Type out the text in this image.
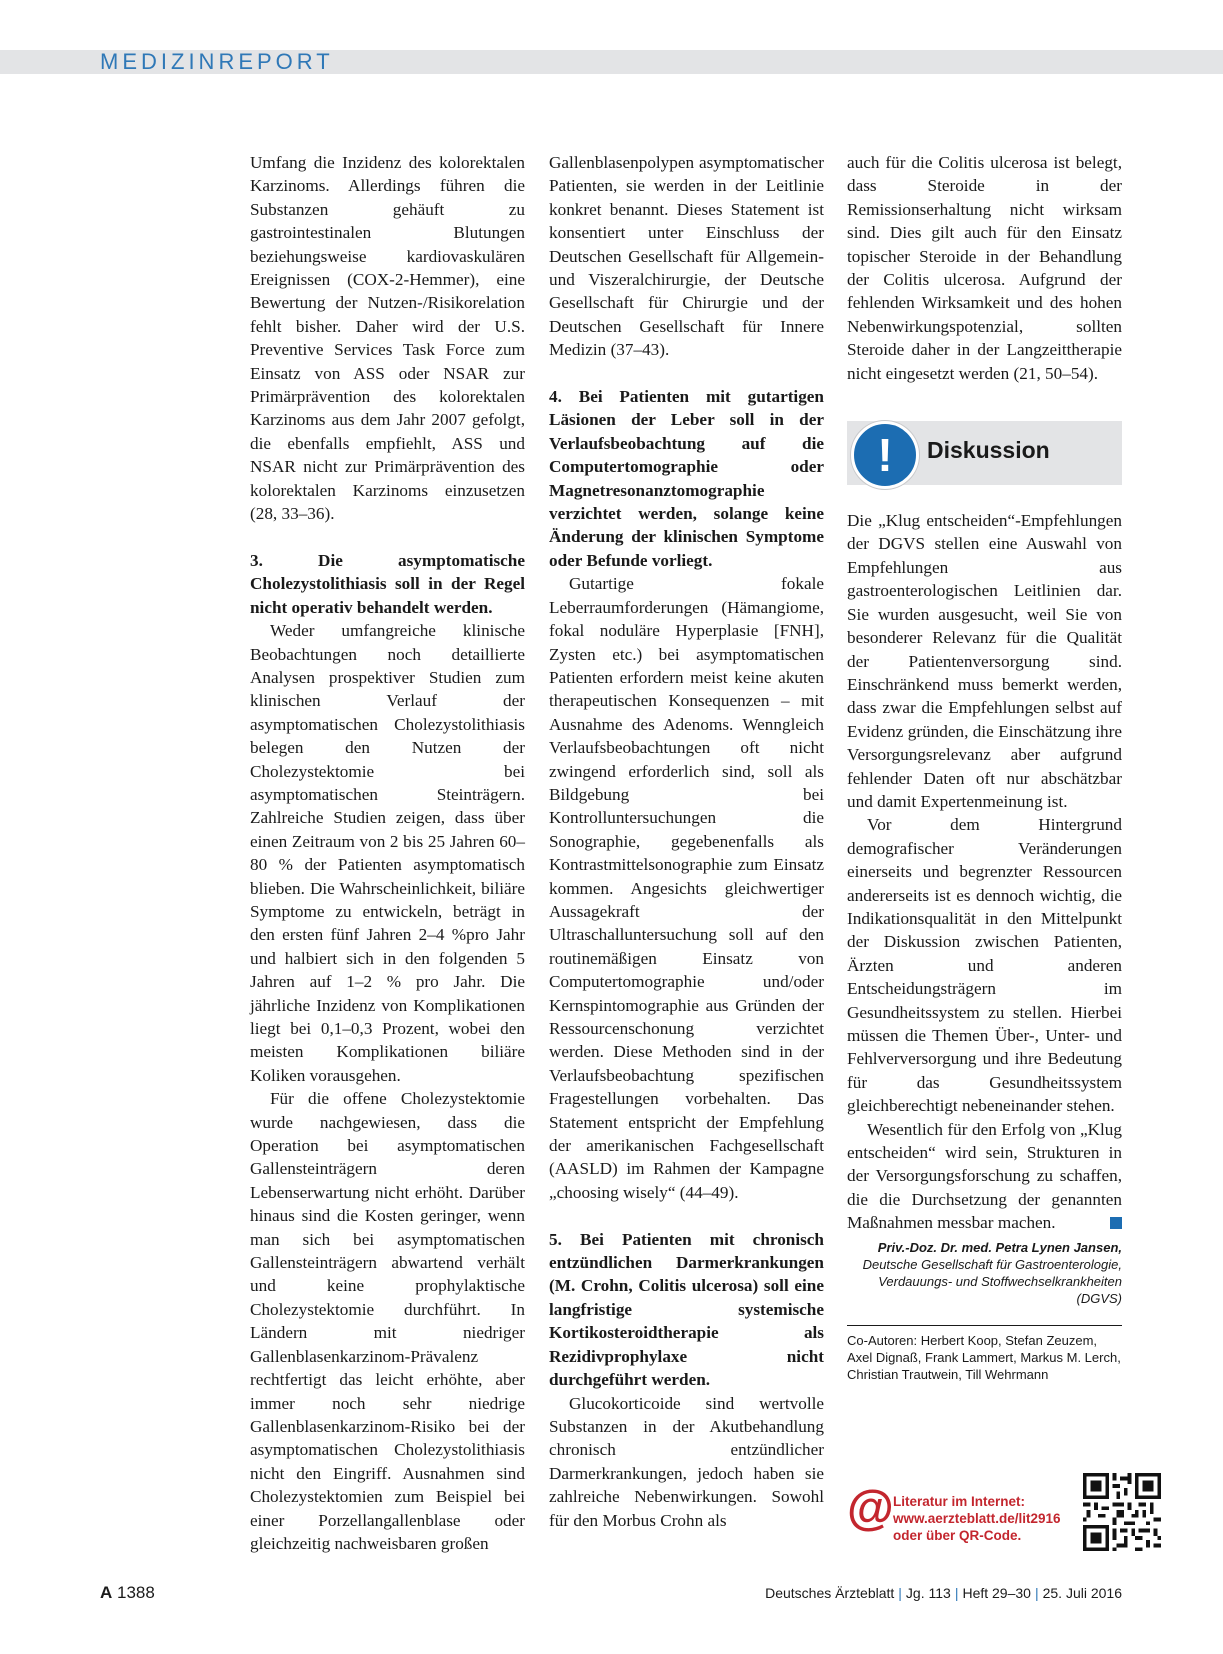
MEDIZINREPORT

Umfang die Inzidenz des kolorektalen Karzinoms. Allerdings führen die Substanzen gehäuft zu gastrointestinalen Blutungen beziehungsweise kardiovaskulären Ereignissen (COX-2-Hemmer), eine Bewertung der Nutzen-/Risikorelation fehlt bisher. Daher wird der U.S. Preventive Services Task Force zum Einsatz von ASS oder NSAR zur Primärprävention des kolorektalen Karzinoms aus dem Jahr 2007 gefolgt, die ebenfalls empfiehlt, ASS und NSAR nicht zur Primärprävention des kolorektalen Karzinoms einzusetzen (28, 33–36).

3. Die asymptomatische Cholezystolithiasis soll in der Regel nicht operativ behandelt werden.

Weder umfangreiche klinische Beobachtungen noch detaillierte Analysen prospektiver Studien zum klinischen Verlauf der asymptomatischen Cholezystolithiasis belegen den Nutzen der Cholezystektomie bei asymptomatischen Steinträgern. Zahlreiche Studien zeigen, dass über einen Zeitraum von 2 bis 25 Jahren 60–80 % der Patienten asymptomatisch blieben. Die Wahrscheinlichkeit, biliäre Symptome zu entwickeln, beträgt in den ersten fünf Jahren 2–4 %pro Jahr und halbiert sich in den folgenden 5 Jahren auf 1–2 % pro Jahr. Die jährliche Inzidenz von Komplikationen liegt bei 0,1–0,3 Prozent, wobei den meisten Komplikationen biliäre Koliken vorausgehen.

Für die offene Cholezystektomie wurde nachgewiesen, dass die Operation bei asymptomatischen Gallensteinträgern deren Lebenserwartung nicht erhöht. Darüber hinaus sind die Kosten geringer, wenn man sich bei asymptomatischen Gallensteinträgern abwartend verhält und keine prophylaktische Cholezystektomie durchführt. In Ländern mit niedriger Gallenblasenkarzinom-Prävalenz rechtfertigt das leicht erhöhte, aber immer noch sehr niedrige Gallenblasenkarzinom-Risiko bei der asymptomatischen Cholezystolithiasis nicht den Eingriff. Ausnahmen sind Cholezystektomien zum Beispiel bei einer Porzellangallenblase oder gleichzeitig nachweisbaren großen

Gallenblasenpolypen asymptomatischer Patienten, sie werden in der Leitlinie konkret benannt. Dieses Statement ist konsentiert unter Einschluss der Deutschen Gesellschaft für Allgemein- und Viszeralchirurgie, der Deutsche Gesellschaft für Chirurgie und der Deutschen Gesellschaft für Innere Medizin (37–43).

4. Bei Patienten mit gutartigen Läsionen der Leber soll in der Verlaufsbeobachtung auf die Computertomographie oder Magnetresonanztomographie verzichtet werden, solange keine Änderung der klinischen Symptome oder Befunde vorliegt.

Gutartige fokale Leberraumforderungen (Hämangiome, fokal noduläre Hyperplasie [FNH], Zysten etc.) bei asymptomatischen Patienten erfordern meist keine akuten therapeutischen Konsequenzen – mit Ausnahme des Adenoms. Wenngleich Verlaufsbeobachtungen oft nicht zwingend erforderlich sind, soll als Bildgebung bei Kontrolluntersuchungen die Sonographie, gegebenenfalls als Kontrastmittelsonographie zum Einsatz kommen. Angesichts gleichwertiger Aussagekraft der Ultraschalluntersuchung soll auf den routinemäßigen Einsatz von Computertomographie und/oder Kernspintomographie aus Gründen der Ressourcenschonung verzichtet werden. Diese Methoden sind in der Verlaufsbeobachtung spezifischen Fragestellungen vorbehalten. Das Statement entspricht der Empfehlung der amerikanischen Fachgesellschaft (AASLD) im Rahmen der Kampagne „choosing wisely“ (44–49).

5. Bei Patienten mit chronisch entzündlichen Darmerkrankungen (M. Crohn, Colitis ulcerosa) soll eine langfristige systemische Kortikosteroidtherapie als Rezidivprophylaxe nicht durchgeführt werden.

Glucokorticoide sind wertvolle Substanzen in der Akutbehandlung chronisch entzündlicher Darmerkrankungen, jedoch haben sie zahlreiche Nebenwirkungen. Sowohl für den Morbus Crohn als

auch für die Colitis ulcerosa ist belegt, dass Steroide in der Remissionserhaltung nicht wirksam sind. Dies gilt auch für den Einsatz topischer Steroide in der Behandlung der Colitis ulcerosa. Aufgrund der fehlenden Wirksamkeit und des hohen Nebenwirkungspotenzial, sollten Steroide daher in der Langzeittherapie nicht eingesetzt werden (21, 50–54).

!	Diskussion

Die „Klug entscheiden“-Empfehlungen der DGVS stellen eine Auswahl von Empfehlungen aus gastroenterologischen Leitlinien dar. Sie wurden ausgesucht, weil Sie von besonderer Relevanz für die Qualität der Patientenversorgung sind. Einschränkend muss bemerkt werden, dass zwar die Empfehlungen selbst auf Evidenz gründen, die Einschätzung ihre Versorgungsrelevanz aber aufgrund fehlender Daten oft nur abschätzbar und damit Expertenmeinung ist.

Vor dem Hintergrund demografischer Veränderungen einerseits und begrenzter Ressourcen andererseits ist es dennoch wichtig, die Indikationsqualität in den Mittelpunkt der Diskussion zwischen Patienten, Ärzten und anderen Entscheidungsträgern im Gesundheitssystem zu stellen. Hierbei müssen die Themen Über-, Unter- und Fehlverversorgung und ihre Bedeutung für das Gesundheitssystem gleichberechtigt nebeneinander stehen.

Wesentlich für den Erfolg von „Klug entscheiden“ wird sein, Strukturen in der Versorgungsforschung zu schaffen, die die Durchsetzung der genannten Maßnahmen messbar machen.

Priv.-Doz. Dr. med. Petra Lynen Jansen,
Deutsche Gesellschaft für Gastroenterologie,
Verdauungs- und Stoffwechselkrankheiten (DGVS)
Co-Autoren: Herbert Koop, Stefan Zeuzem, Axel Dignaß, Frank Lammert, Markus M. Lerch, Christian Trautwein, Till Wehrmann
@ Literatur im Internet:
www.aerzteblatt.de/lit2916
oder über QR-Code.
A 1388	Deutsches Ärzteblatt | Jg. 113 | Heft 29–30 | 25. Juli 2016
